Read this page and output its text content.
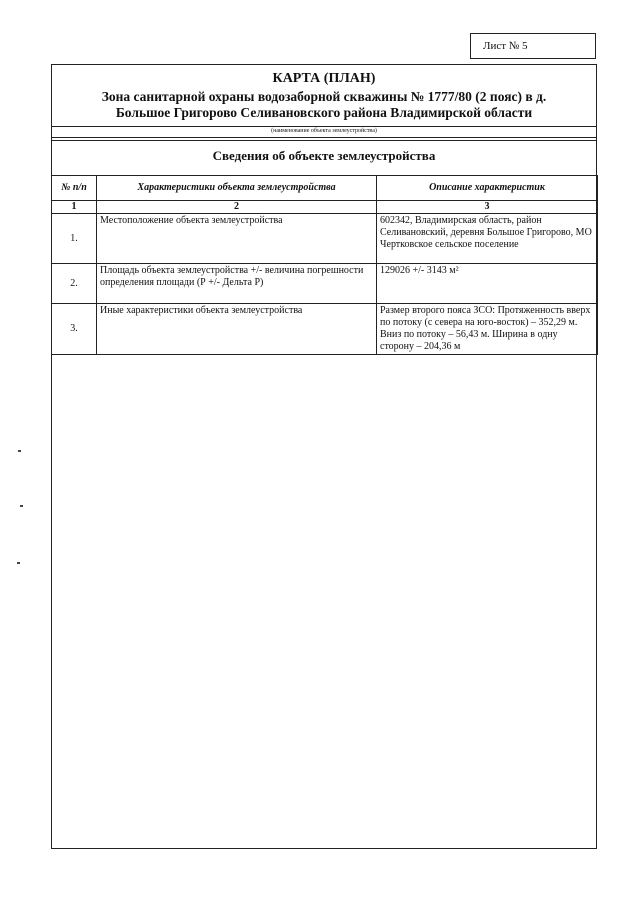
Лист № 5
КАРТА (ПЛАН)
Зона санитарной охраны водозаборной скважины № 1777/80 (2 пояс) в д.
Большое Григорово Селивановского района Владимирской области
(наименование объекта землеустройства)
Сведения об объекте землеустройства
№ п/п	Характеристики объекта землеустройства	Описание характеристик
1	2	3
1.	Местоположение объекта землеустройства	602342, Владимирская область, район Селивановский, деревня Большое Григорово, МО Чертковское сельское поселение
2.	Площадь объекта землеустройства +/- величина погрешности определения площади (Р +/- Дельта Р)	129026 +/- 3143 м²
3.	Иные характеристики объекта землеустройства	Размер второго пояса ЗСО: Протяженность вверх по потоку (с севера на юго-восток) – 352,29 м. Вниз по потоку – 56,43 м. Ширина в одну сторону – 204,36 м
